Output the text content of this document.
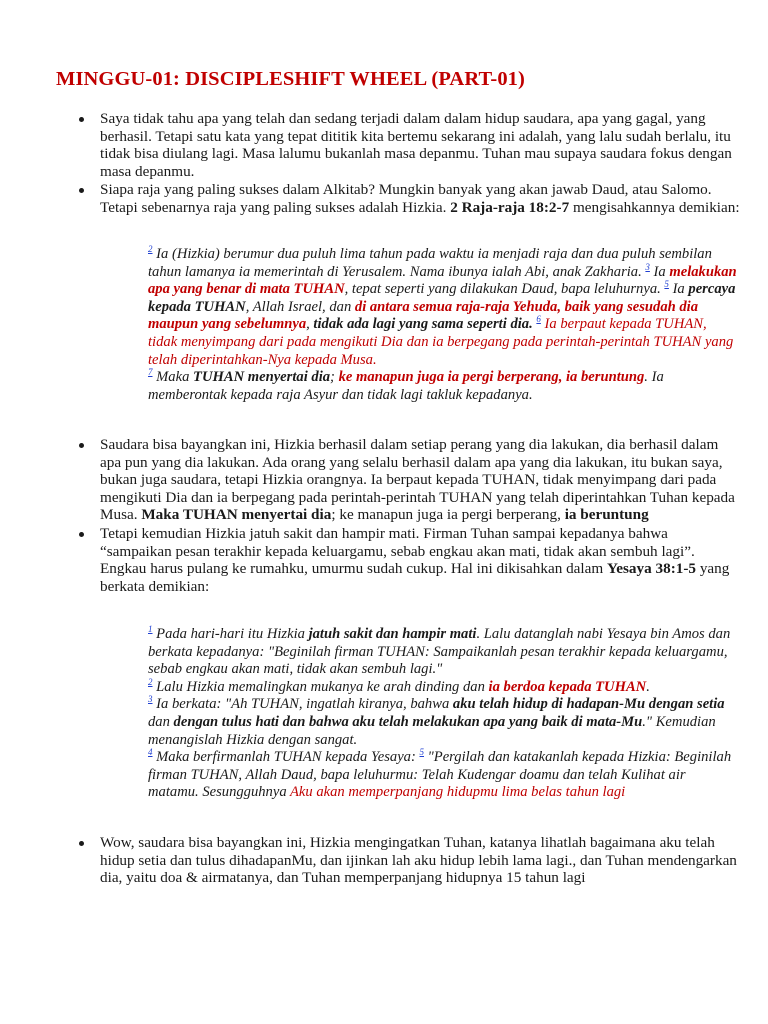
MINGGU-01: DISCIPLESHIFT WHEEL (PART-01)
Saya tidak tahu apa yang telah dan sedang terjadi dalam dalam hidup saudara, apa yang gagal, yang berhasil. Tetapi satu kata yang tepat dititik kita bertemu sekarang ini adalah, yang lalu sudah berlalu, itu tidak bisa diulang lagi. Masa lalumu bukanlah masa depanmu. Tuhan mau supaya saudara fokus dengan masa depanmu.
Siapa raja yang paling sukses dalam Alkitab? Mungkin banyak yang akan jawab Daud, atau Salomo. Tetapi sebenarnya raja yang paling sukses adalah Hizkia. 2 Raja-raja 18:2-7 mengisahkannya demikian:

$^2$ Ia (Hizkia) berumur dua puluh lima tahun pada waktu ia menjadi raja dan dua puluh sembilan tahun lamanya ia memerintah di Yerusalem. Nama ibunya ialah Abi, anak Zakharia. $^3$ Ia melakukan apa yang benar di mata TUHAN, tepat seperti yang dilakukan Daud, bapa leluhurnya. $^5$ Ia percaya kepada TUHAN, Allah Israel, dan di antara semua raja-raja Yehuda, baik yang sesudah dia maupun yang sebelumnya, tidak ada lagi yang sama seperti dia. $^6$ Ia berpaut kepada TUHAN, tidak menyimpang dari pada mengikuti Dia dan ia berpegang pada perintah-perintah TUHAN yang telah diperintahkan-Nya kepada Musa.

$^7$ Maka TUHAN menyertai dia; ke manapun juga ia pergi berperang, ia beruntung. Ia memberontak kepada raja Asyur dan tidak lagi takluk kepadanya.

Saudara bisa bayangkan ini, Hizkia berhasil dalam setiap perang yang dia lakukan, dia berhasil dalam apa pun yang dia lakukan. Ada orang yang selalu berhasil dalam apa yang dia lakukan, itu bukan saya, bukan juga saudara, tetapi Hizkia orangnya. Ia berpaut kepada TUHAN, tidak menyimpang dari pada mengikuti Dia dan ia berpegang pada perintah-perintah TUHAN yang telah diperintahkan Tuhan kepada Musa. Maka TUHAN menyertai dia; ke manapun juga ia pergi berperang, ia beruntung
Tetapi kemudian Hizkia jatuh sakit dan hampir mati. Firman Tuhan sampai kepadanya bahwa “sampaikan pesan terakhir kepada keluargamu, sebab engkau akan mati, tidak akan sembuh lagi”. Engkau harus pulang ke rumahku, umurmu sudah cukup. Hal ini dikisahkan dalam Yesaya 38:1-5 yang berkata demikian:

$^1$ Pada hari-hari itu Hizkia jatuh sakit dan hampir mati. Lalu datanglah nabi Yesaya bin Amos dan berkata kepadanya: "Beginilah firman TUHAN: Sampaikanlah pesan terakhir kepada keluargamu, sebab engkau akan mati, tidak akan sembuh lagi."

$^2$ Lalu Hizkia memalingkan mukanya ke arah dinding dan ia berdoa kepada TUHAN.

$^3$ Ia berkata: "Ah TUHAN, ingatlah kiranya, bahwa aku telah hidup di hadapan-Mu dengan setia dan dengan tulus hati dan bahwa aku telah melakukan apa yang baik di mata-Mu." Kemudian menangislah Hizkia dengan sangat.

$^4$ Maka berfirmanlah TUHAN kepada Yesaya: $^5$ "Pergilah dan katakanlah kepada Hizkia: Beginilah firman TUHAN, Allah Daud, bapa leluhurmu: Telah Kudengar doamu dan telah Kulihat air matamu. Sesungguhnya Aku akan memperpanjang hidupmu lima belas tahun lagi

Wow, saudara bisa bayangkan ini, Hizkia mengingatkan Tuhan, katanya lihatlah bagaimana aku telah hidup setia dan tulus dihadapanMu, dan ijinkan lah aku hidup lebih lama lagi., dan Tuhan mendengarkan dia, yaitu doa & airmatanya, dan Tuhan memperpanjang hidupnya 15 tahun lagi
